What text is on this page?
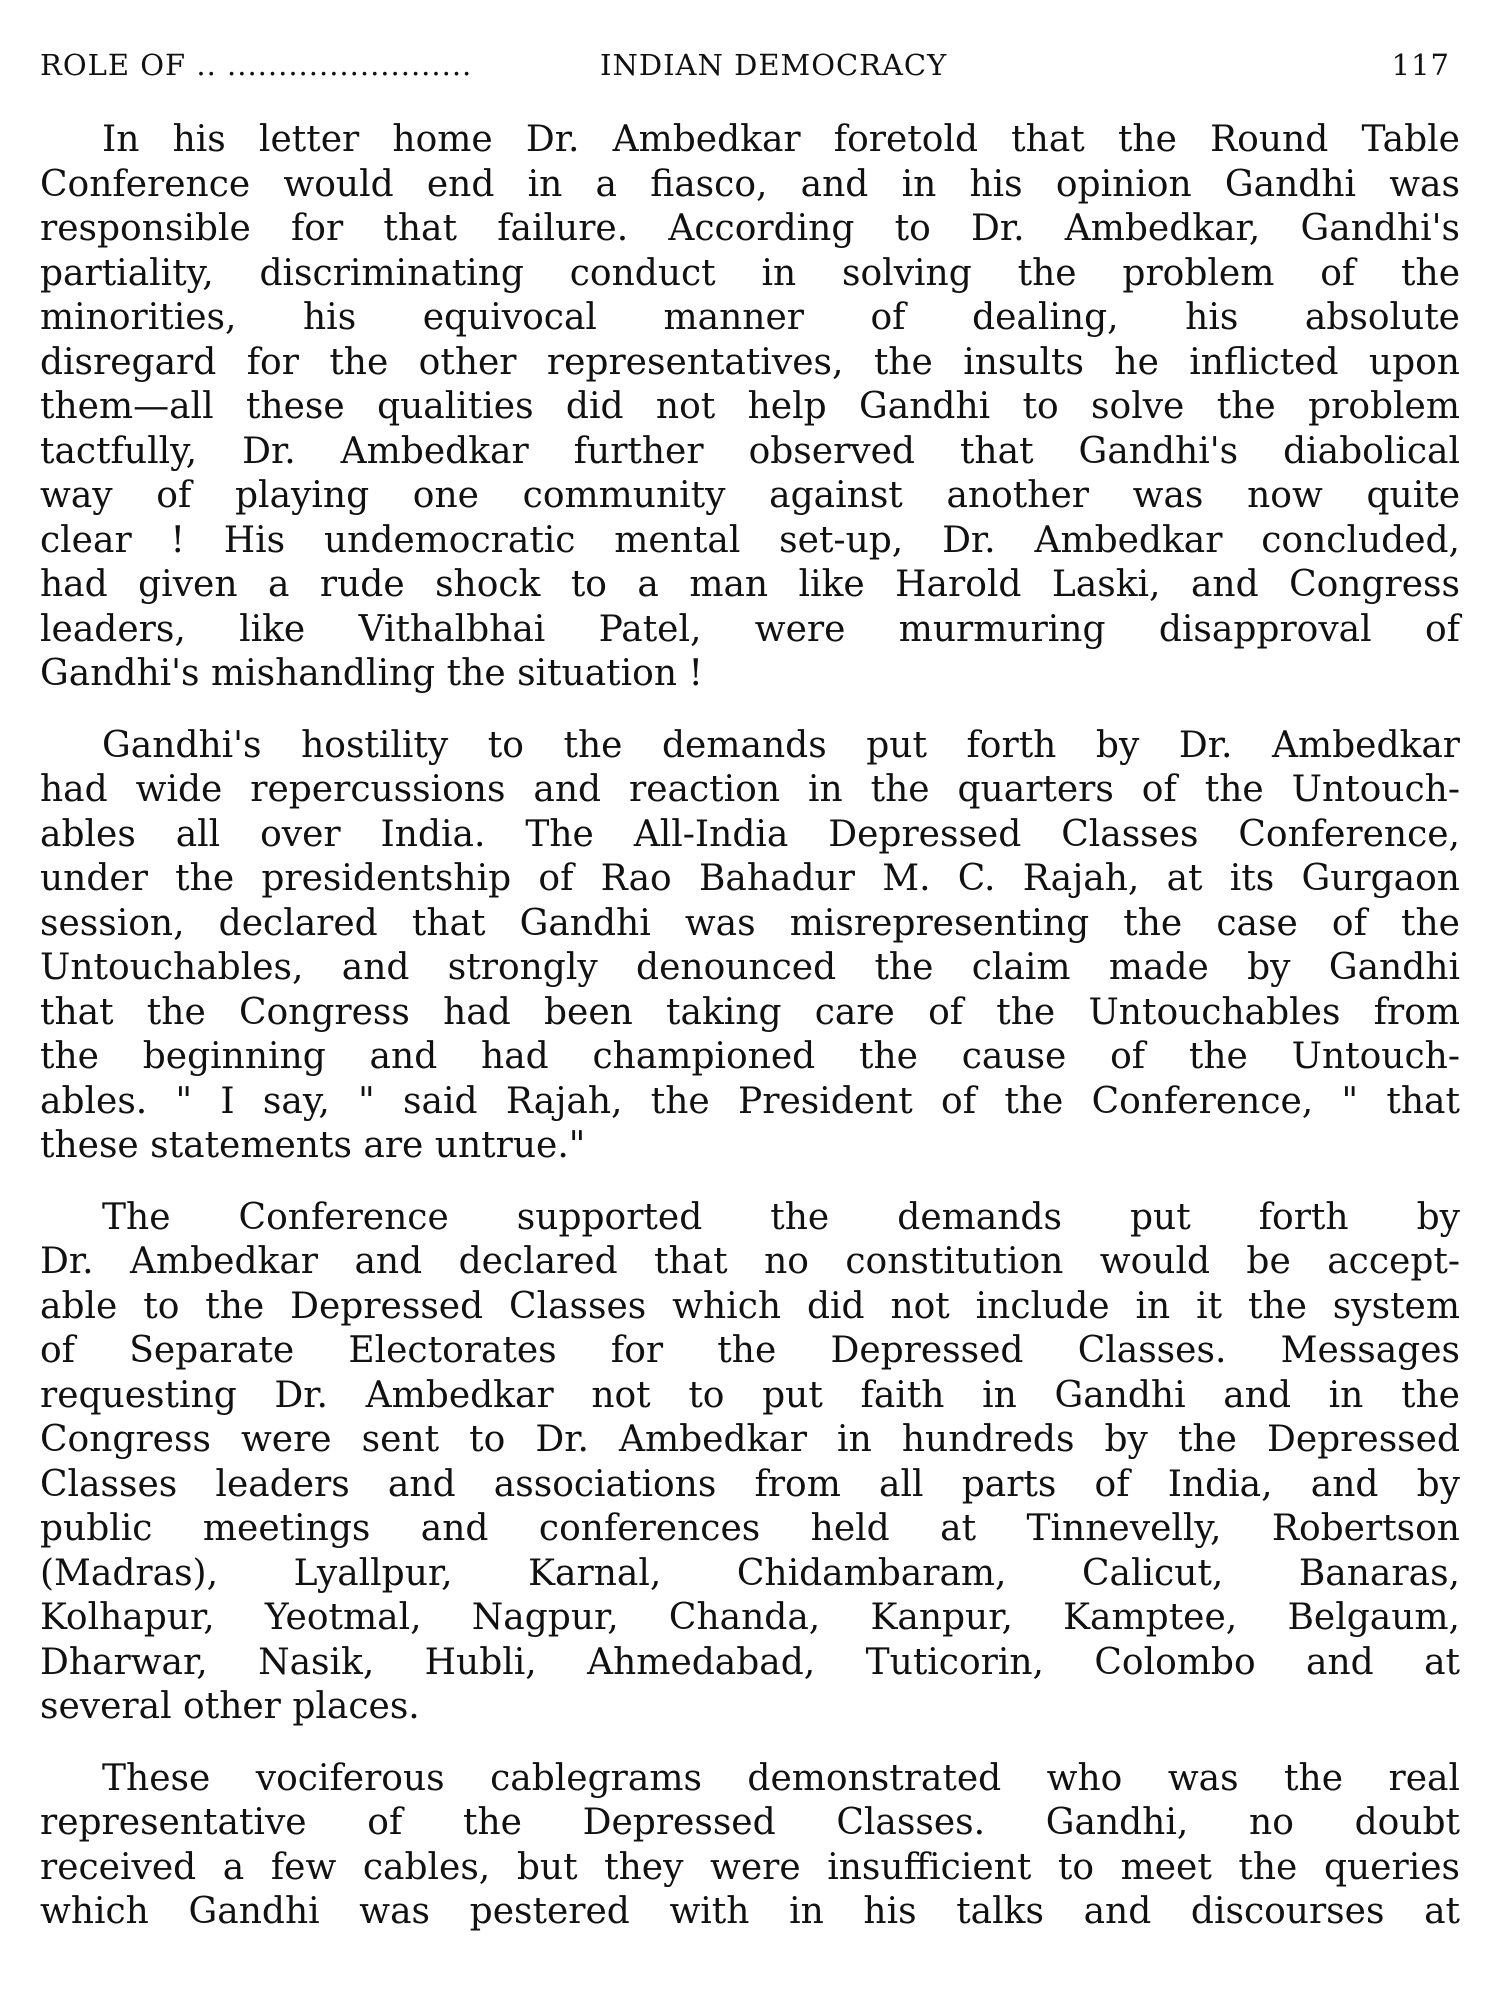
ROLE OF .. ........................	INDIAN DEMOCRACY	117
In his letter home Dr. Ambedkar foretold that the Round Table
Conference would end in a fiasco, and in his opinion Gandhi was
responsible for that failure. According to Dr. Ambedkar, Gandhi's
partiality, discriminating conduct in solving the problem of the
minorities, his equivocal manner of dealing, his absolute
disregard for the other representatives, the insults he inflicted upon
them—all these qualities did not help Gandhi to solve the problem
tactfully, Dr. Ambedkar further observed that Gandhi's diabolical
way of playing one community against another was now quite
clear ! His undemocratic mental set-up, Dr. Ambedkar concluded,
had given a rude shock to a man like Harold Laski, and Congress
leaders, like Vithalbhai Patel, were murmuring disapproval of
Gandhi's mishandling the situation !
Gandhi's hostility to the demands put forth by Dr. Ambedkar
had wide repercussions and reaction in the quarters of the Untouch-
ables all over India. The All-India Depressed Classes Conference,
under the presidentship of Rao Bahadur M. C. Rajah, at its Gurgaon
session, declared that Gandhi was misrepresenting the case of the
Untouchables, and strongly denounced the claim made by Gandhi
that the Congress had been taking care of the Untouchables from
the beginning and had championed the cause of the Untouch-
ables. " I say, " said Rajah, the President of the Conference, " that
these statements are untrue."
The Conference supported the demands put forth by
Dr. Ambedkar and declared that no constitution would be accept-
able to the Depressed Classes which did not include in it the system
of Separate Electorates for the Depressed Classes. Messages
requesting Dr. Ambedkar not to put faith in Gandhi and in the
Congress were sent to Dr. Ambedkar in hundreds by the Depressed
Classes leaders and associations from all parts of India, and by
public meetings and conferences held at Tinnevelly, Robertson
(Madras), Lyallpur, Karnal, Chidambaram, Calicut, Banaras,
Kolhapur, Yeotmal, Nagpur, Chanda, Kanpur, Kamptee, Belgaum,
Dharwar, Nasik, Hubli, Ahmedabad, Tuticorin, Colombo and at
several other places.
These vociferous cablegrams demonstrated who was the real
representative of the Depressed Classes. Gandhi, no doubt
received a few cables, but they were insufficient to meet the queries
which Gandhi was pestered with in his talks and discourses at
